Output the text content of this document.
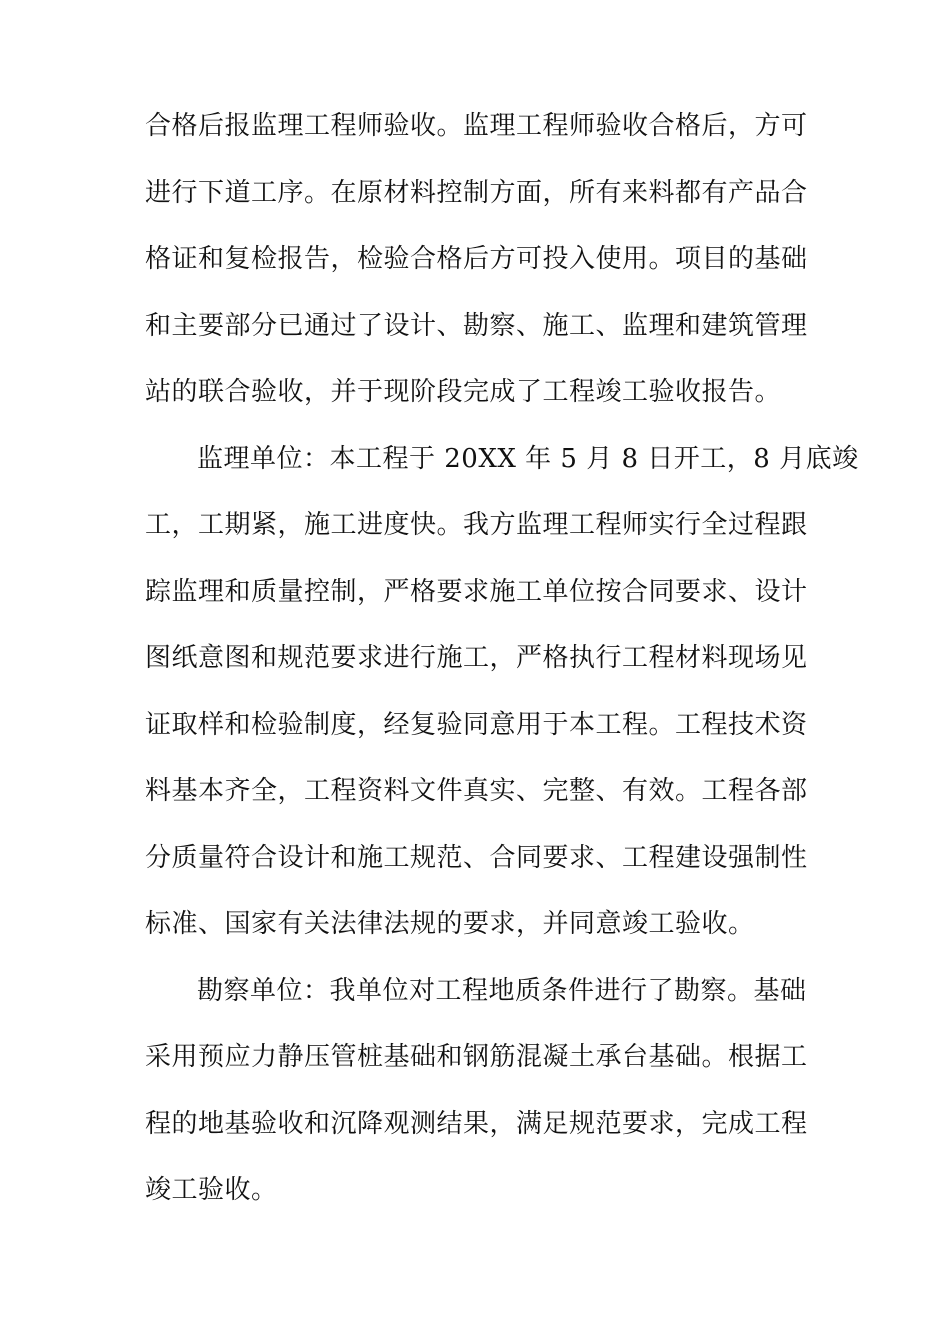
合格后报监理工程师验收。监理工程师验收合格后，方可
进行下道工序。在原材料控制方面，所有来料都有产品合
格证和复检报告，检验合格后方可投入使用。项目的基础
和主要部分已通过了设计、勘察、施工、监理和建筑管理
站的联合验收，并于现阶段完成了工程竣工验收报告。
监理单位：本工程于 20XX 年 5 月 8 日开工，8 月底竣
工，工期紧，施工进度快。我方监理工程师实行全过程跟
踪监理和质量控制，严格要求施工单位按合同要求、设计
图纸意图和规范要求进行施工，严格执行工程材料现场见
证取样和检验制度，经复验同意用于本工程。工程技术资
料基本齐全，工程资料文件真实、完整、有效。工程各部
分质量符合设计和施工规范、合同要求、工程建设强制性
标准、国家有关法律法规的要求，并同意竣工验收。
勘察单位：我单位对工程地质条件进行了勘察。基础
采用预应力静压管桩基础和钢筋混凝土承台基础。根据工
程的地基验收和沉降观测结果，满足规范要求，完成工程
竣工验收。
